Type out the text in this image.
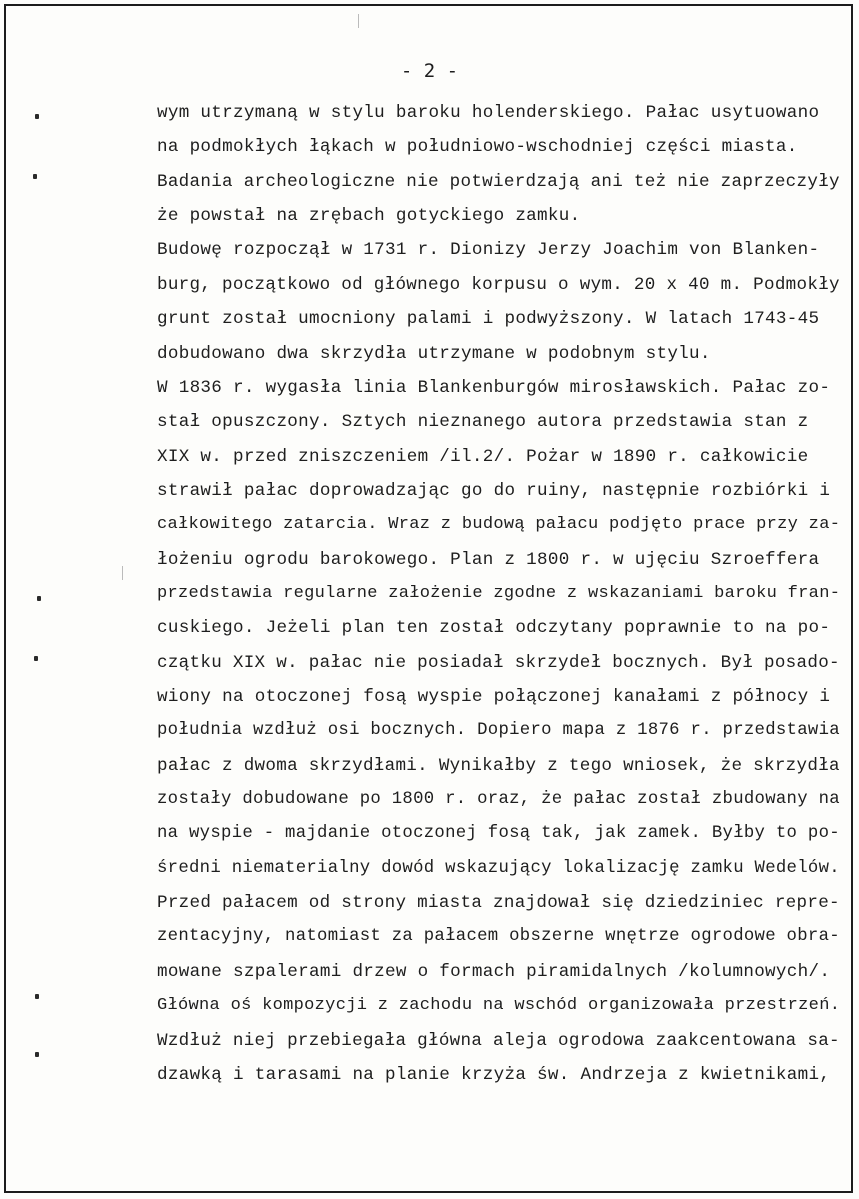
- 2 -
wym utrzymaną w stylu baroku holenderskiego. Pałac usytuowano
na podmokłych łąkach w południowo-wschodniej części miasta.
Badania archeologiczne nie potwierdzają ani też nie zaprzeczyły
że powstał na zrębach gotyckiego zamku.
Budowę rozpoczął w 1731 r. Dionizy Jerzy Joachim von Blanken-
burg, początkowo od głównego korpusu o wym. 20 x 40 m. Podmokły
grunt został umocniony palami i podwyższony. W latach 1743-45
dobudowano dwa skrzydła utrzymane w podobnym stylu.
W 1836 r. wygasła linia Blankenburgów mirosławskich. Pałac zo-
stał opuszczony. Sztych nieznanego autora przedstawia stan z
XIX w. przed zniszczeniem /il.2/. Pożar w 1890 r. całkowicie
strawił pałac doprowadzając go do ruiny, następnie rozbiórki i
całkowitego zatarcia. Wraz z budową pałacu podjęto prace przy za-
łożeniu ogrodu barokowego. Plan z 1800 r. w ujęciu Szroeffera
przedstawia regularne założenie zgodne z wskazaniami baroku fran-
cuskiego. Jeżeli plan ten został odczytany poprawnie to na po-
czątku XIX w. pałac nie posiadał skrzydeł bocznych. Był posado-
wiony na otoczonej fosą wyspie połączonej kanałami z północy i
południa wzdłuż osi bocznych. Dopiero mapa z 1876 r. przedstawia
pałac z dwoma skrzydłami. Wynikałby z tego wniosek, że skrzydła
zostały dobudowane po 1800 r. oraz, że pałac został zbudowany na
na wyspie - majdanie otoczonej fosą tak, jak zamek. Byłby to po-
średni niematerialny dowód wskazujący lokalizację zamku Wedelów.
Przed pałacem od strony miasta znajdował się dziedziniec repre-
zentacyjny, natomiast za pałacem obszerne wnętrze ogrodowe obra-
mowane szpalerami drzew o formach piramidalnych /kolumnowych/.
Główna oś kompozycji z zachodu na wschód organizowała przestrzeń.
Wzdłuż niej przebiegała główna aleja ogrodowa zaakcentowana sa-
dzawką i tarasami na planie krzyża św. Andrzeja z kwietnikami,
